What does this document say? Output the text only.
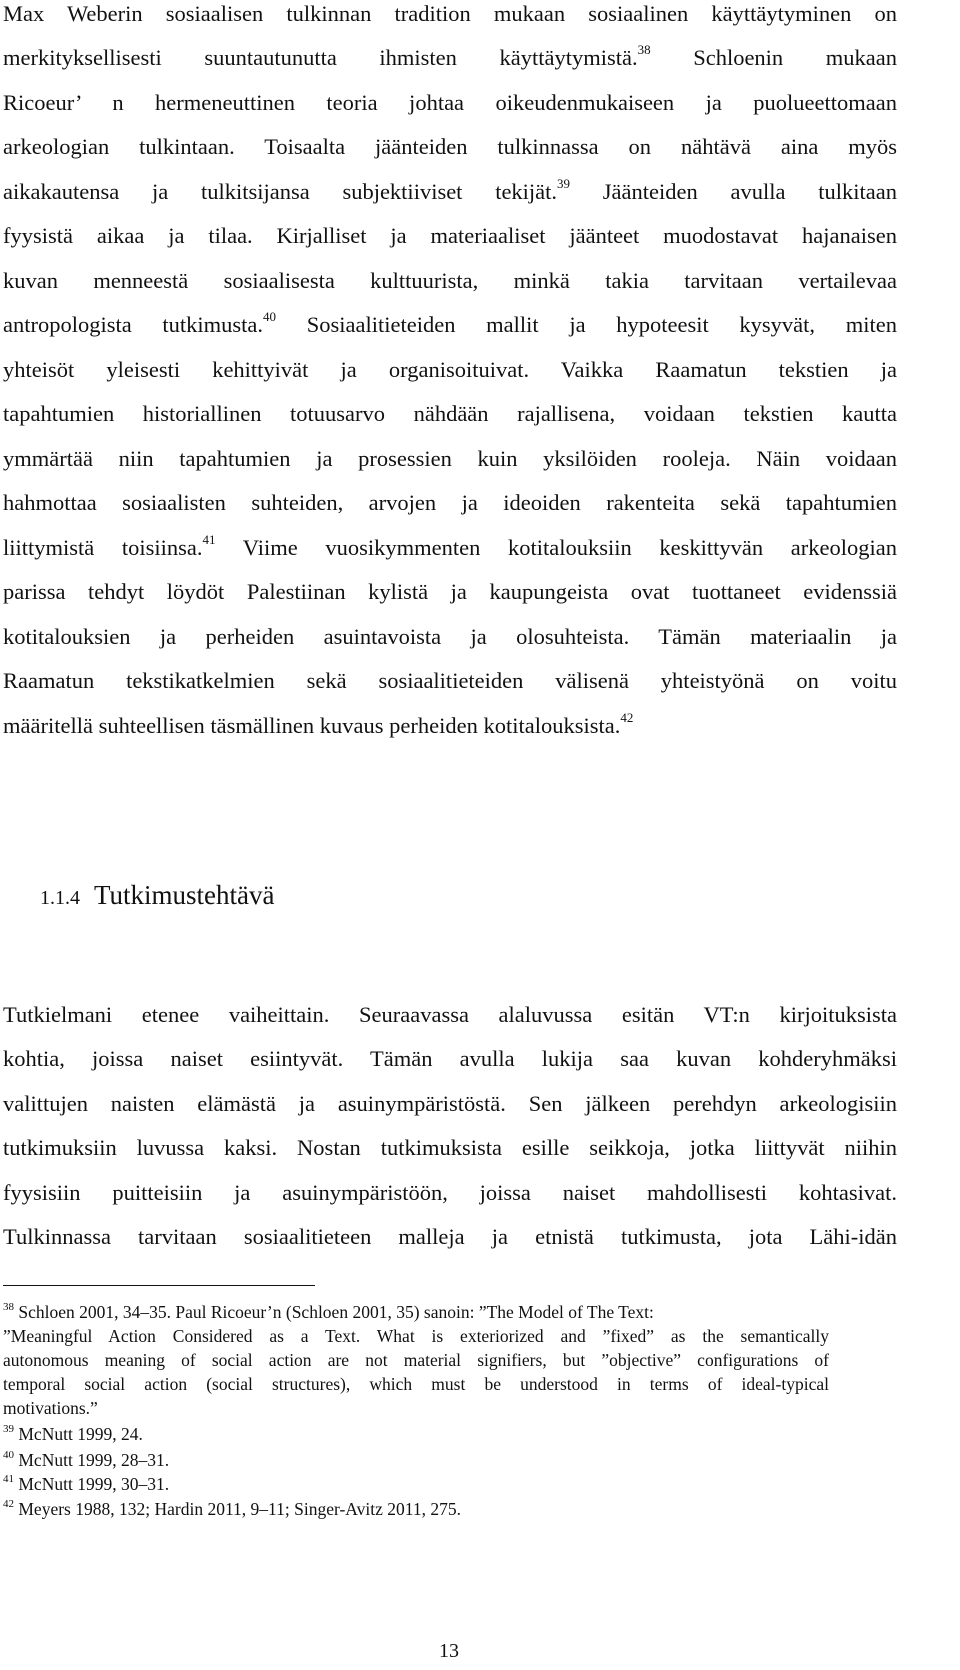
Max Weberin sosiaalisen tulkinnan tradition mukaan sosiaalinen käyttäytyminen on
merkityksellisesti suuntautunutta ihmisten käyttäytymistä.$^{38}$ Schloenin mukaan
Ricoeur’ n hermeneuttinen teoria johtaa oikeudenmukaiseen ja puolueettomaan
arkeologian tulkintaan. Toisaalta jäänteiden tulkinnassa on nähtävä aina myös
aikakautensa ja tulkitsijansa subjektiiviset tekijät.$^{39}$ Jäänteiden avulla tulkitaan
fyysistä aikaa ja tilaa. Kirjalliset ja materiaaliset jäänteet muodostavat hajanaisen
kuvan menneestä sosiaalisesta kulttuurista, minkä takia tarvitaan vertailevaa
antropologista tutkimusta.$^{40}$ Sosiaalitieteiden mallit ja hypoteesit kysyvät, miten
yhteisöt yleisesti kehittyivät ja organisoituivat. Vaikka Raamatun tekstien ja
tapahtumien historiallinen totuusarvo nähdään rajallisena, voidaan tekstien kautta
ymmärtää niin tapahtumien ja prosessien kuin yksilöiden rooleja. Näin voidaan
hahmottaa sosiaalisten suhteiden, arvojen ja ideoiden rakenteita sekä tapahtumien
liittymistä toisiinsa.$^{41}$ Viime vuosikymmenten kotitalouksiin keskittyvän arkeologian
parissa tehdyt löydöt Palestiinan kylistä ja kaupungeista ovat tuottaneet evidenssiä
kotitalouksien ja perheiden asuintavoista ja olosuhteista. Tämän materiaalin ja
Raamatun tekstikatkelmien sekä sosiaalitieteiden välisenä yhteistyönä on voitu
määritellä suhteellisen täsmällinen kuvaus perheiden kotitalouksista.$^{42}$
1.1.4 Tutkimustehtävä
Tutkielmani etenee vaiheittain. Seuraavassa alaluvussa esitän VT:n kirjoituksista
kohtia, joissa naiset esiintyvät. Tämän avulla lukija saa kuvan kohderyhmäksi
valittujen naisten elämästä ja asuinympäristöstä. Sen jälkeen perehdyn arkeologisiin
tutkimuksiin luvussa kaksi. Nostan tutkimuksista esille seikkoja, jotka liittyvät niihin
fyysisiin puitteisiin ja asuinympäristöön, joissa naiset mahdollisesti kohtasivat.
Tulkinnassa tarvitaan sosiaalitieteen malleja ja etnistä tutkimusta, jota Lähi-idän
$^{38}$ Schloen 2001, 34‒35. Paul Ricoeur’n (Schloen 2001, 35) sanoin: ”The Model of The Text:
”Meaningful Action Considered as a Text. What is exteriorized and ”fixed” as the semantically
autonomous meaning of social action are not material signifiers, but ”objective” configurations of
temporal social action (social structures), which must be understood in terms of ideal-typical
motivations.”
$^{39}$ McNutt 1999, 24.
$^{40}$ McNutt 1999, 28‒31.
$^{41}$ McNutt 1999, 30‒31.
$^{42}$ Meyers 1988, 132; Hardin 2011, 9‒11; Singer-Avitz 2011, 275.
13
